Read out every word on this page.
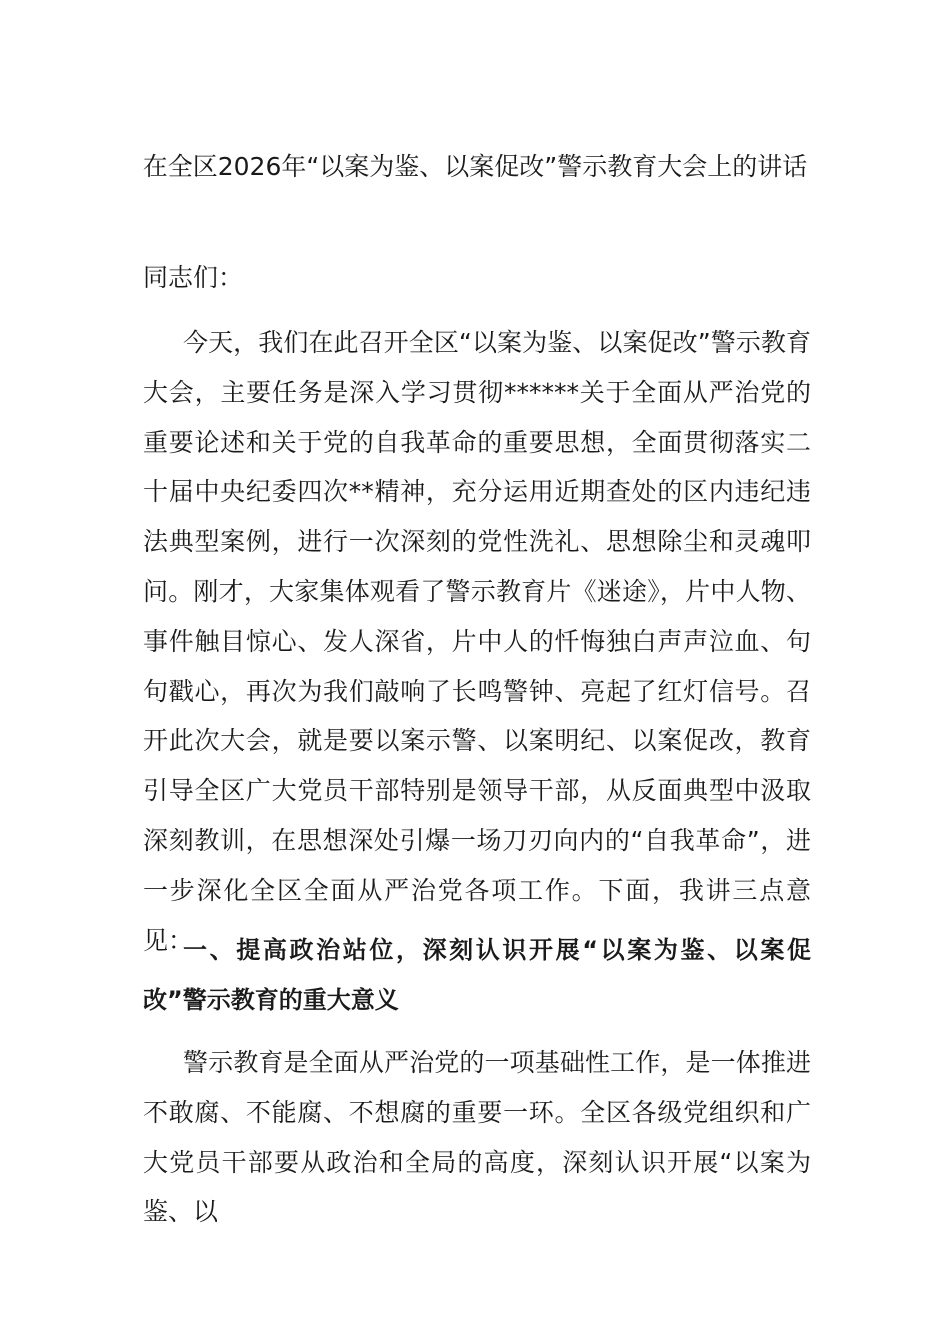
在全区2026年“以案为鉴、以案促改”警示教育大会上的讲话
同志们：

今天，我们在此召开全区“以案为鉴、以案促改”警示教育大会，主要任务是深入学习贯彻******关于全面从严治党的重要论述和关于党的自我革命的重要思想，全面贯彻落实二十届中央纪委四次**精神，充分运用近期查处的区内违纪违法典型案例，进行一次深刻的党性洗礼、思想除尘和灵魂叩问。刚才，大家集体观看了警示教育片《迷途》，片中人物、事件触目惊心、发人深省，片中人的忏悔独白声声泣血、句句戳心，再次为我们敲响了长鸣警钟、亮起了红灯信号。召开此次大会，就是要以案示警、以案明纪、以案促改，教育引导全区广大党员干部特别是领导干部，从反面典型中汲取深刻教训，在思想深处引爆一场刀刃向内的“自我革命”，进一步深化全区全面从严治党各项工作。下面，我讲三点意见：

一、提高政治站位，深刻认识开展“以案为鉴、以案促改”警示教育的重大意义

警示教育是全面从严治党的一项基础性工作，是一体推进不敢腐、不能腐、不想腐的重要一环。全区各级党组织和广大党员干部要从政治和全局的高度，深刻认识开展“以案为鉴、以
